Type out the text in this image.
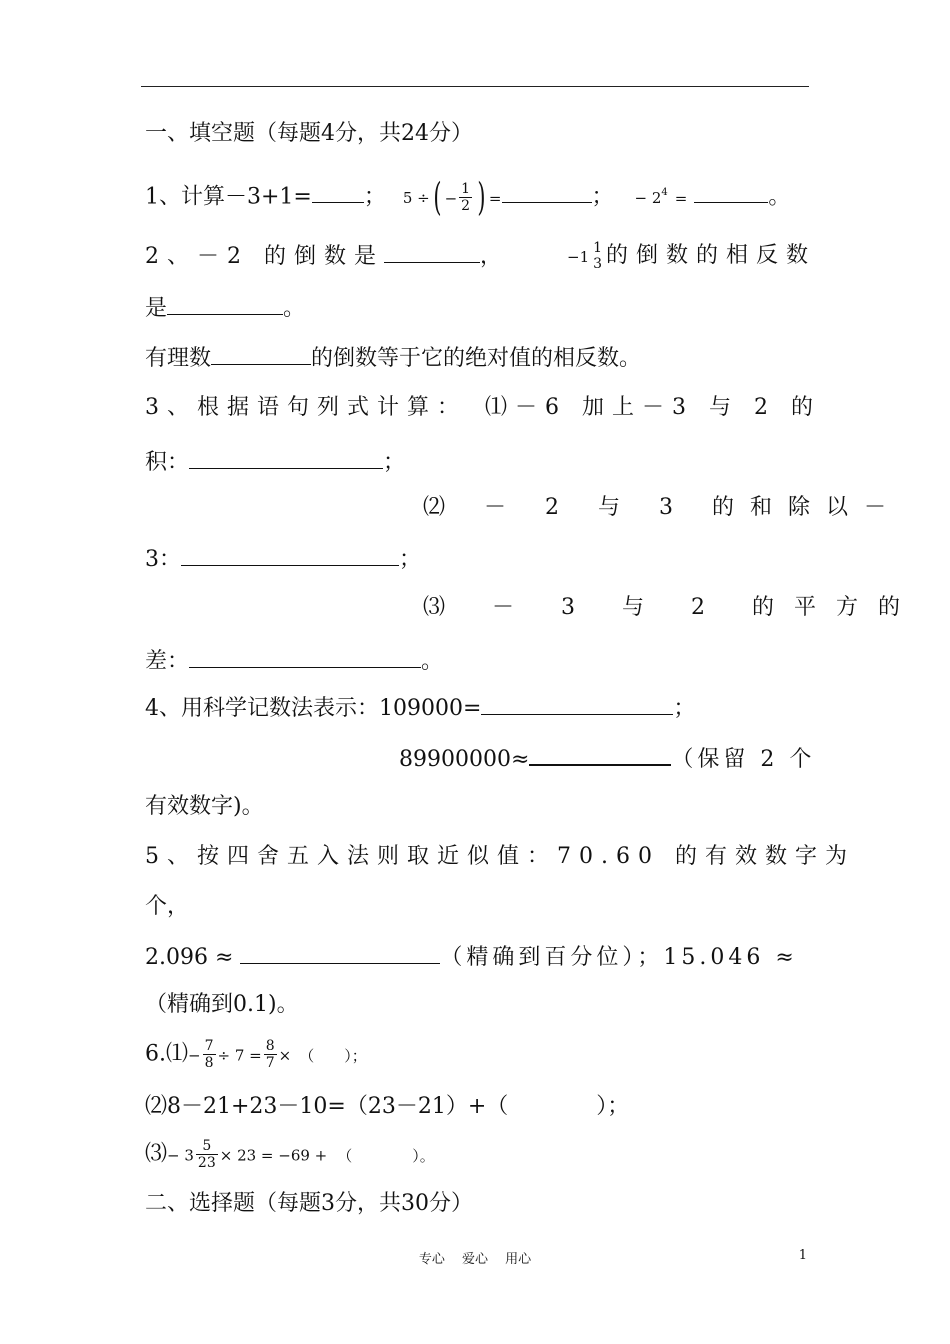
一、填空题（每题4分，共24分）
1、计算－3+1= ； 5 ÷( − $\frac{1}{2}$ ) =	； − $2^4$ =	。
2、－2 的倒数是	，	−1 1
3 的倒数的相反数
是	。
有理数	的倒数等于它的绝对值的相反数。
3、根据语句列式计算： ⑴－6 加上－3 与 2 的
积：	；
⑵ － 2 与 3 的和除以－
3：	；
⑶ － 3 与 2 的平方的
差：	。
4、用科学记数法表示：109000=	；
89900000≈	（保留 2 个
有效数字)。
5、按四舍五入法则取近似值：70.60 的有效数字为
个，
2.096 ≈	（精确到百分位）；15.046 ≈
（精确到0.1)。
6.⑴− $\frac{7}{8} \div 7 = \frac{8}{7}$ × （　　）；
⑵8－21+23－10=（23－21）+（　　　　）；
⑶− $3 \frac{5}{23} \times 23 = -69$ + （　　　　）。
二、选择题（每题3分，共30分）
专心　 爱心　 用心	1
